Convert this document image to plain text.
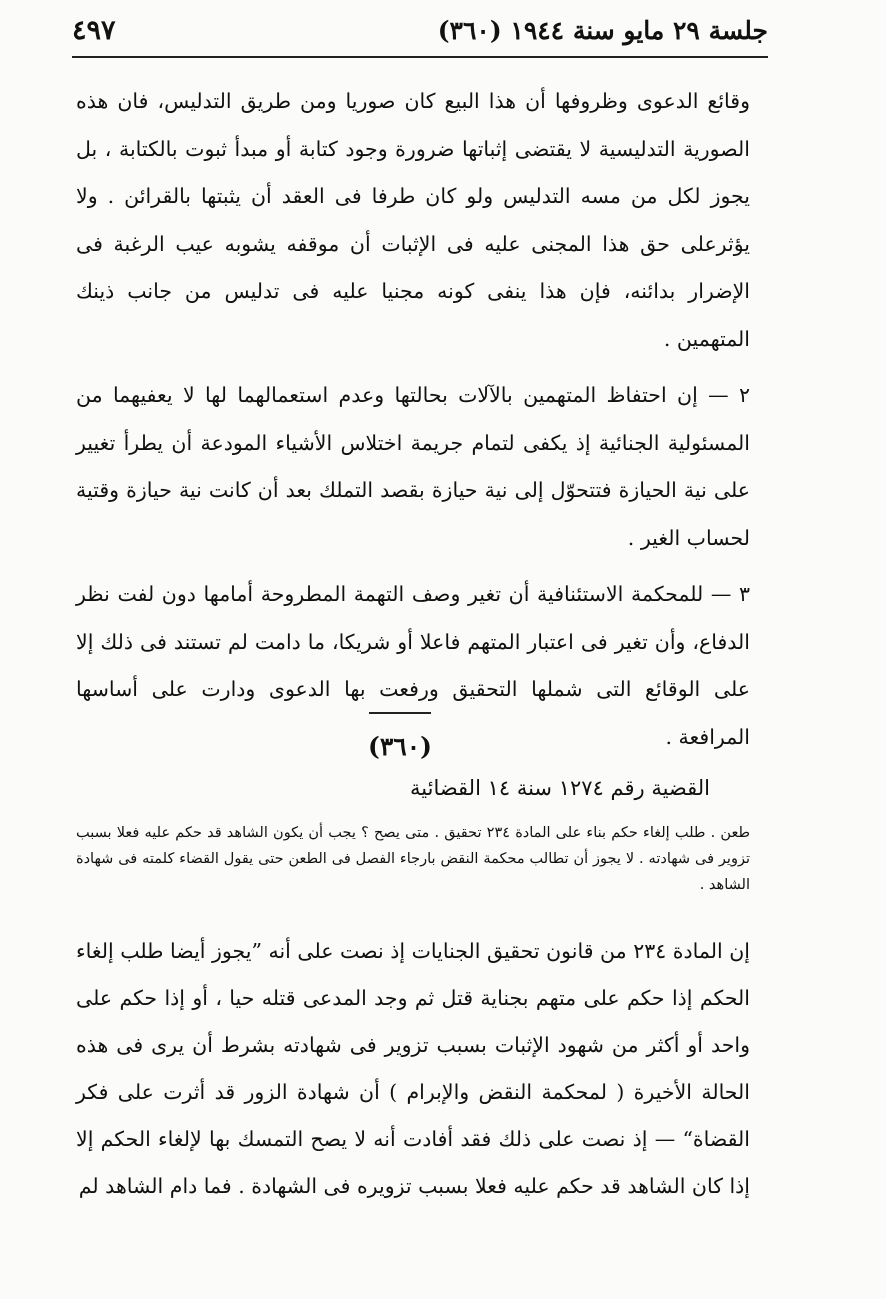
جلسة ٢٩ مايو سنة ١٩٤٤ (٣٦٠)
٤٩٧

وقائع الدعوى وظروفها أن هذا البيع كان صوريا ومن طريق التدليس، فان هذه الصورية التدليسية لا يقتضى إثباتها ضرورة وجود كتابة أو مبدأ ثبوت بالكتابة ، بل يجوز لكل من مسه التدليس ولو كان طرفا فى العقد أن يثبتها بالقرائن . ولا يؤثرعلى حق هذا المجنى عليه فى الإثبات أن موقفه يشوبه عيب الرغبة فى الإضرار بدائنه، فإن هذا ينفى كونه مجنيا عليه فى تدليس من جانب ذينك المتهمين .

٢ — إن احتفاظ المتهمين بالآلات بحالتها وعدم استعمالهما لها لا يعفيهما من المسئولية الجنائية إذ يكفى لتمام جريمة اختلاس الأشياء المودعة أن يطرأ تغيير على نية الحيازة فتتحوّل إلى نية حيازة بقصد التملك بعد أن كانت نية حيازة وقتية لحساب الغير .

٣ — للمحكمة الاستئنافية أن تغير وصف التهمة المطروحة أمامها دون لفت نظر الدفاع، وأن تغير فى اعتبار المتهم فاعلا أو شريكا، ما دامت لم تستند فى ذلك إلا على الوقائع التى شملها التحقيق ورفعت بها الدعوى ودارت على أساسها المرافعة .

(٣٦٠)
القضية رقم ١٢٧٤ سنة ١٤ القضائية
طعن . طلب إلغاء حكم بناء على المادة ٢٣٤ تحقيق . متى يصح ؟ يجب أن يكون الشاهد قد حكم عليه فعلا بسبب تزوير فى شهادته . لا يجوز أن تطالب محكمة النقض بارجاء الفصل فى الطعن حتى يقول القضاء كلمته فى شهادة الشاهد .

إن المادة ٢٣٤ من قانون تحقيق الجنايات إذ نصت على أنه ”يجوز أيضا طلب إلغاء الحكم إذا حكم على متهم بجناية قتل ثم وجد المدعى قتله حيا ، أو إذا حكم على واحد أو أكثر من شهود الإثبات بسبب تزوير فى شهادته بشرط أن يرى فى هذه الحالة الأخيرة ( لمحكمة النقض والإبرام ) أن شهادة الزور قد أثرت على فكر القضاة“ — إذ نصت على ذلك فقد أفادت أنه لا يصح التمسك بها لإلغاء الحكم إلا إذا كان الشاهد قد حكم عليه فعلا بسبب تزويره فى الشهادة . فما دام الشاهد لم
